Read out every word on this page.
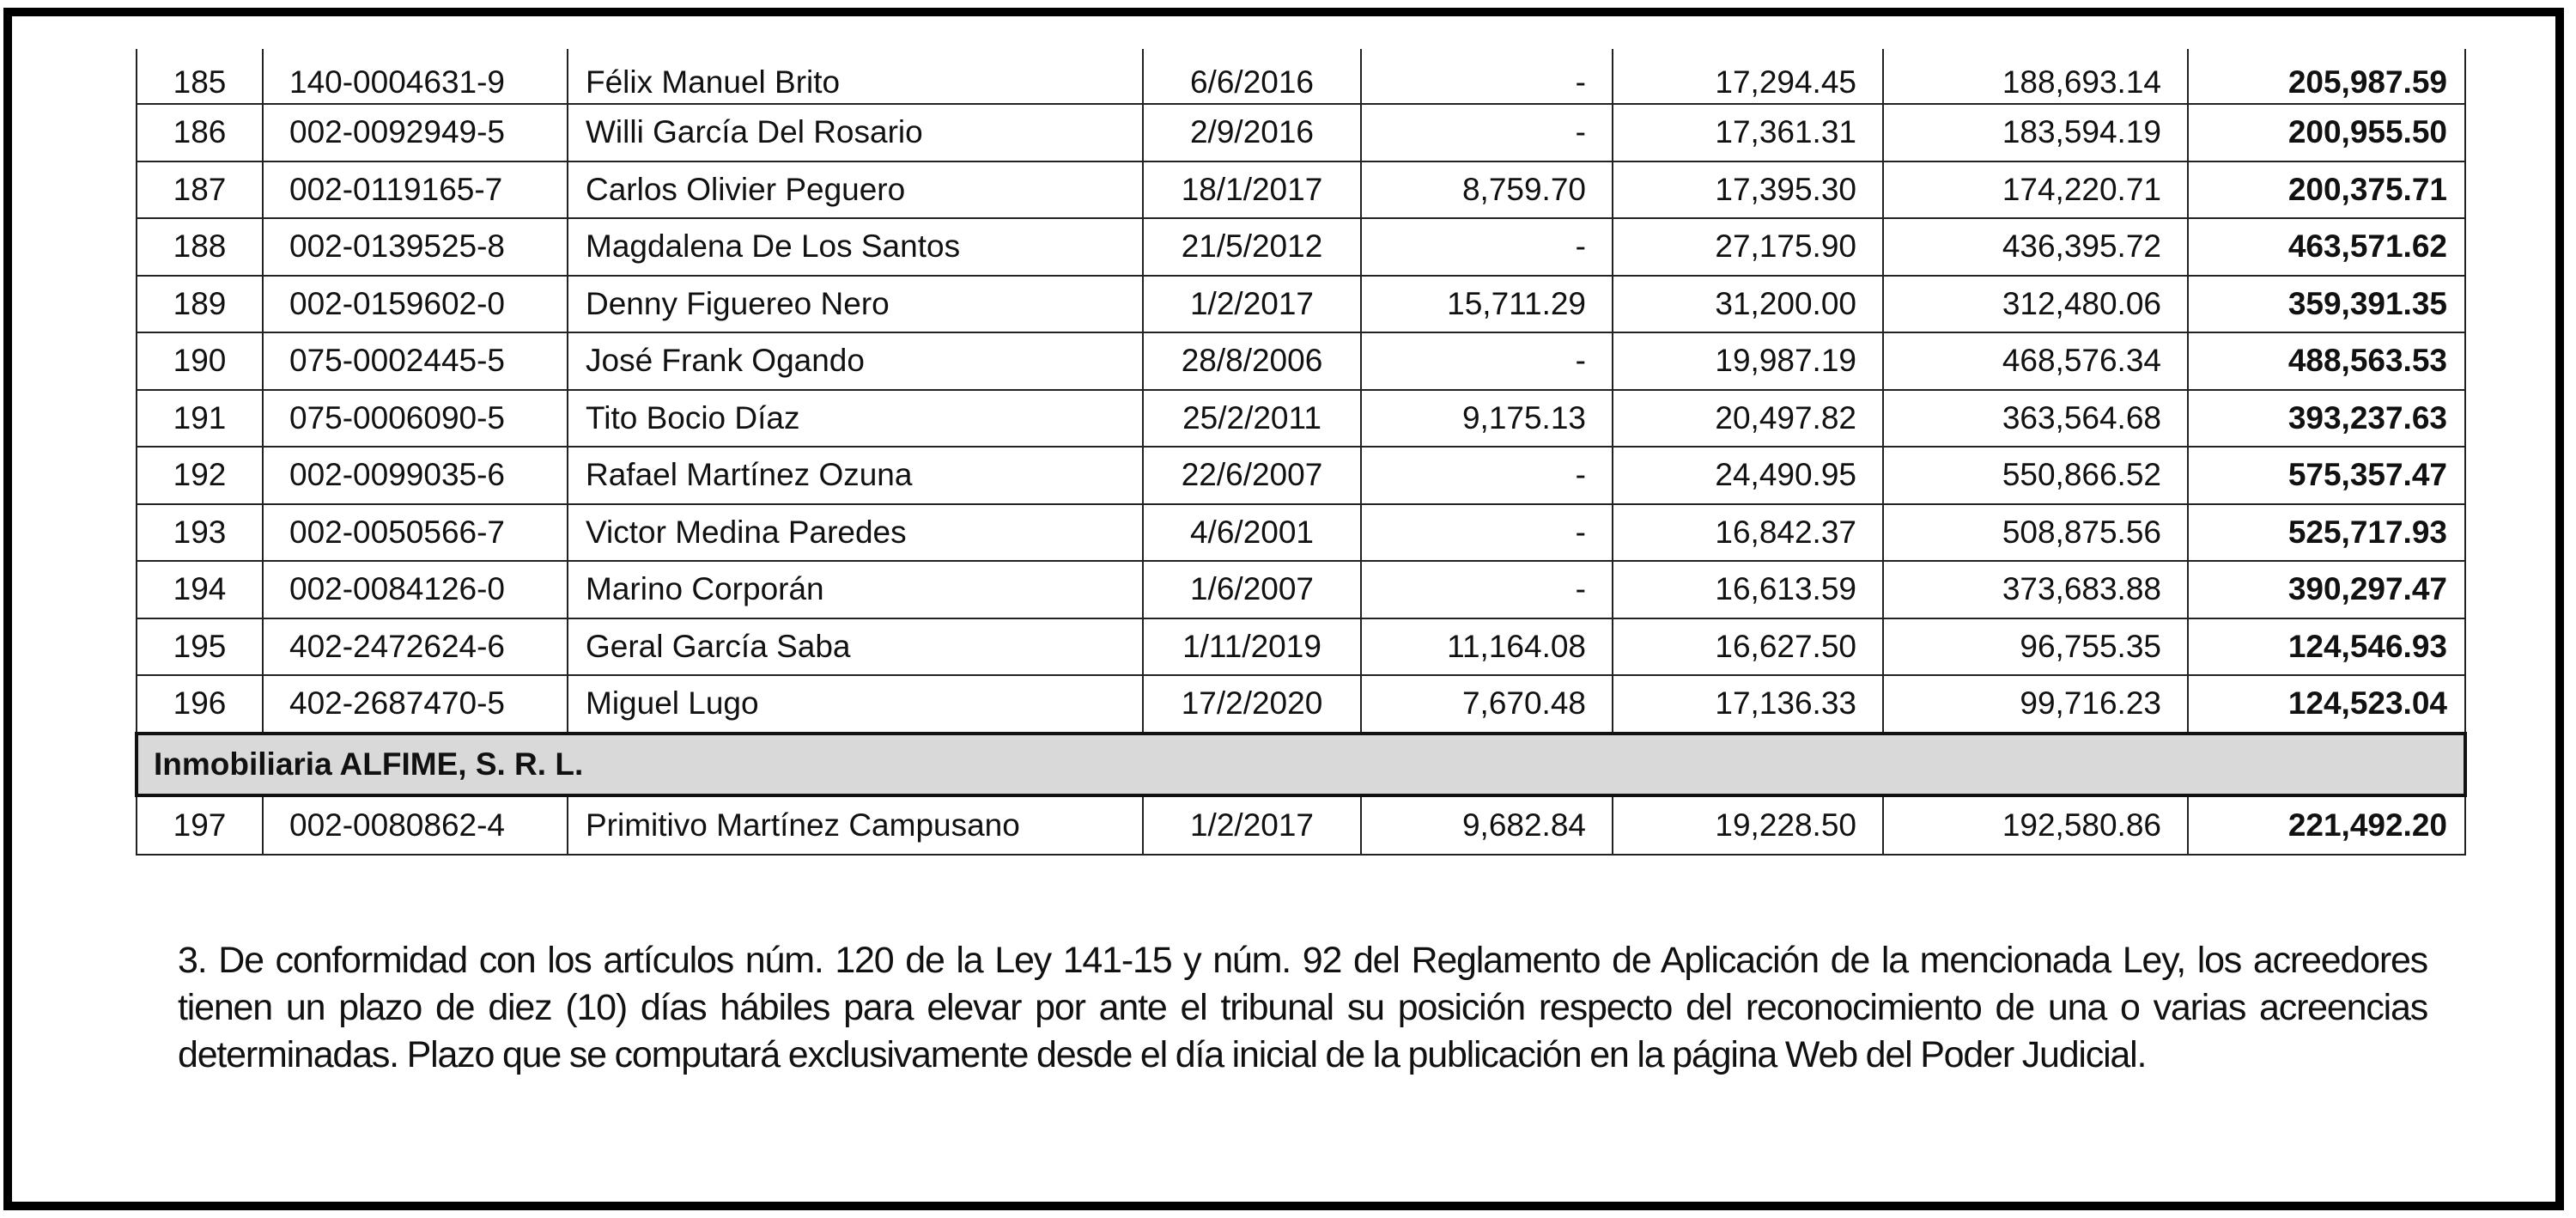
185	140-0004631-9	Félix Manuel Brito	6/6/2016	-	17,294.45	188,693.14	205,987.59
186	002-0092949-5	Willi García Del Rosario	2/9/2016	-	17,361.31	183,594.19	200,955.50
187	002-0119165-7	Carlos Olivier Peguero	18/1/2017	8,759.70	17,395.30	174,220.71	200,375.71
188	002-0139525-8	Magdalena De Los Santos	21/5/2012	-	27,175.90	436,395.72	463,571.62
189	002-0159602-0	Denny Figuereo Nero	1/2/2017	15,711.29	31,200.00	312,480.06	359,391.35
190	075-0002445-5	José Frank Ogando	28/8/2006	-	19,987.19	468,576.34	488,563.53
191	075-0006090-5	Tito Bocio Díaz	25/2/2011	9,175.13	20,497.82	363,564.68	393,237.63
192	002-0099035-6	Rafael Martínez Ozuna	22/6/2007	-	24,490.95	550,866.52	575,357.47
193	002-0050566-7	Victor Medina Paredes	4/6/2001	-	16,842.37	508,875.56	525,717.93
194	002-0084126-0	Marino Corporán	1/6/2007	-	16,613.59	373,683.88	390,297.47
195	402-2472624-6	Geral García Saba	1/11/2019	11,164.08	16,627.50	96,755.35	124,546.93
196	402-2687470-5	Miguel Lugo	17/2/2020	7,670.48	17,136.33	99,716.23	124,523.04
Inmobiliaria ALFIME, S. R. L.							
197	002-0080862-4	Primitivo Martínez Campusano	1/2/2017	9,682.84	19,228.50	192,580.86	221,492.20

3. De conformidad con los artículos núm. 120 de la Ley 141-15 y núm. 92 del Reglamento de Aplicación de la mencionada Ley, los acreedores tienen un plazo de diez (10) días hábiles para elevar por ante el tribunal su posición respecto del reconocimiento de una o varias acreencias determinadas. Plazo que se computará exclusivamente desde el día inicial de la publicación en la página Web del Poder Judicial.
